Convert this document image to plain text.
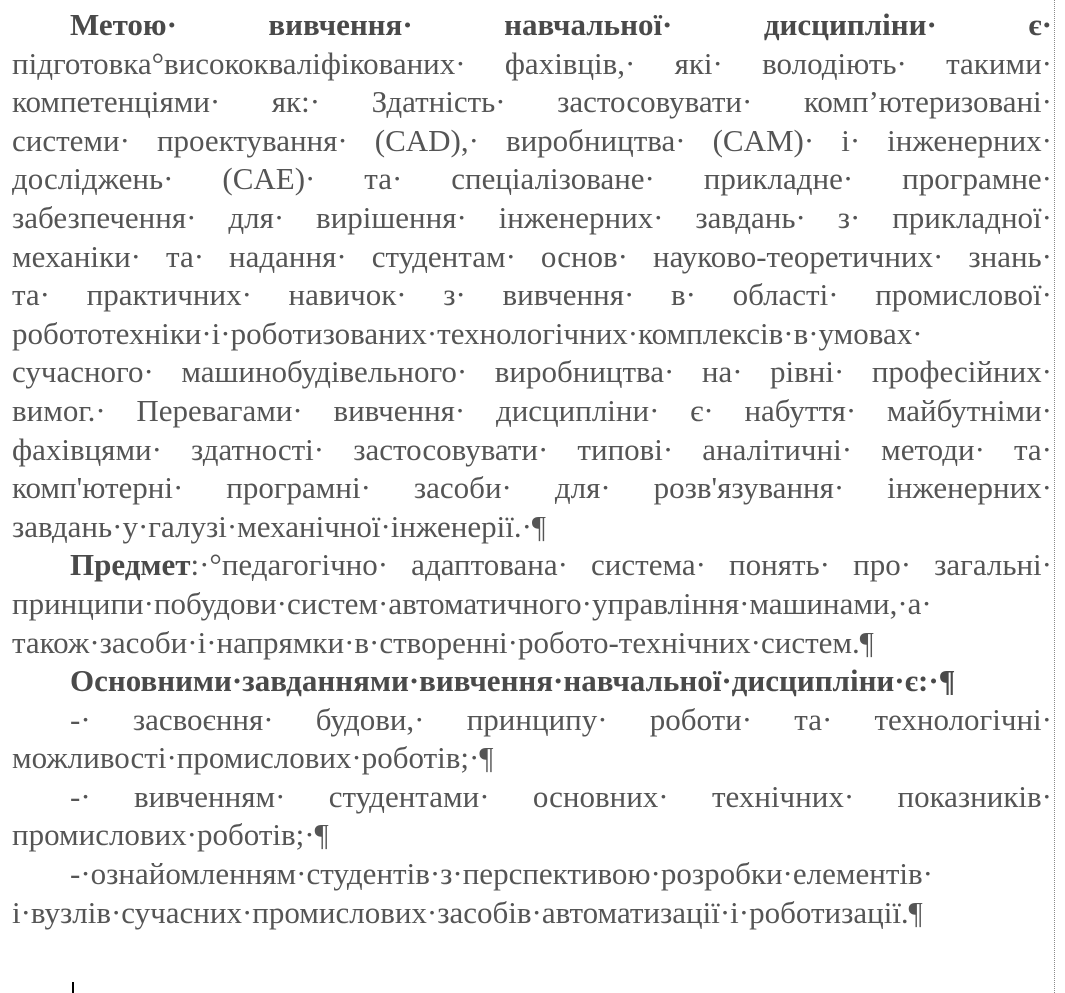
Метою· вивчення· навчальної· дисципліни· є·
підготовка°висококваліфікованих· фахівців,· які· володіють· такими·
компетенціями· як:· Здатність· застосовувати· комп’ютеризовані·
системи· проектування· (CAD),· виробництва· (CAM)· і· інженерних·
досліджень· (CAE)· та· спеціалізоване· прикладне· програмне·
забезпечення· для· вирішення· інженерних· завдань· з· прикладної·
механіки· та· надання· студентам· основ· науково-теоретичних· знань·
та· практичних· навичок· з· вивчення· в· області· промислової·
робототехніки·і·роботизованих·технологічних·комплексів·в·умовах·
сучасного· машинобудівельного· виробництва· на· рівні· професійних·
вимог.· Перевагами· вивчення· дисципліни· є· набуття· майбутніми·
фахівцями· здатності· застосовувати· типові· аналітичні· методи· та·
комп'ютерні· програмні· засоби· для· розв'язування· інженерних·
завдань·у·галузі·механічної·інженерії.·¶
Предмет:·°педагогічно· адаптована· система· понять· про· загальні·
принципи·побудови·систем·автоматичного·управління·машинами,·а·
також·засоби·і·напрямки·в·створенні·робото-технічних·систем.¶
Основними·завданнями·вивчення·навчальної·дисципліни·є:·¶
-· засвоєння· будови,· принципу· роботи· та· технологічні·
можливості·промислових·роботів;·¶
-· вивченням· студентами· основних· технічних· показників·
промислових·роботів;·¶
-·ознайомленням·студентів·з·перспективою·розробки·елементів·
і·вузлів·сучасних·промислових·засобів·автоматизації·і·роботизації.¶
